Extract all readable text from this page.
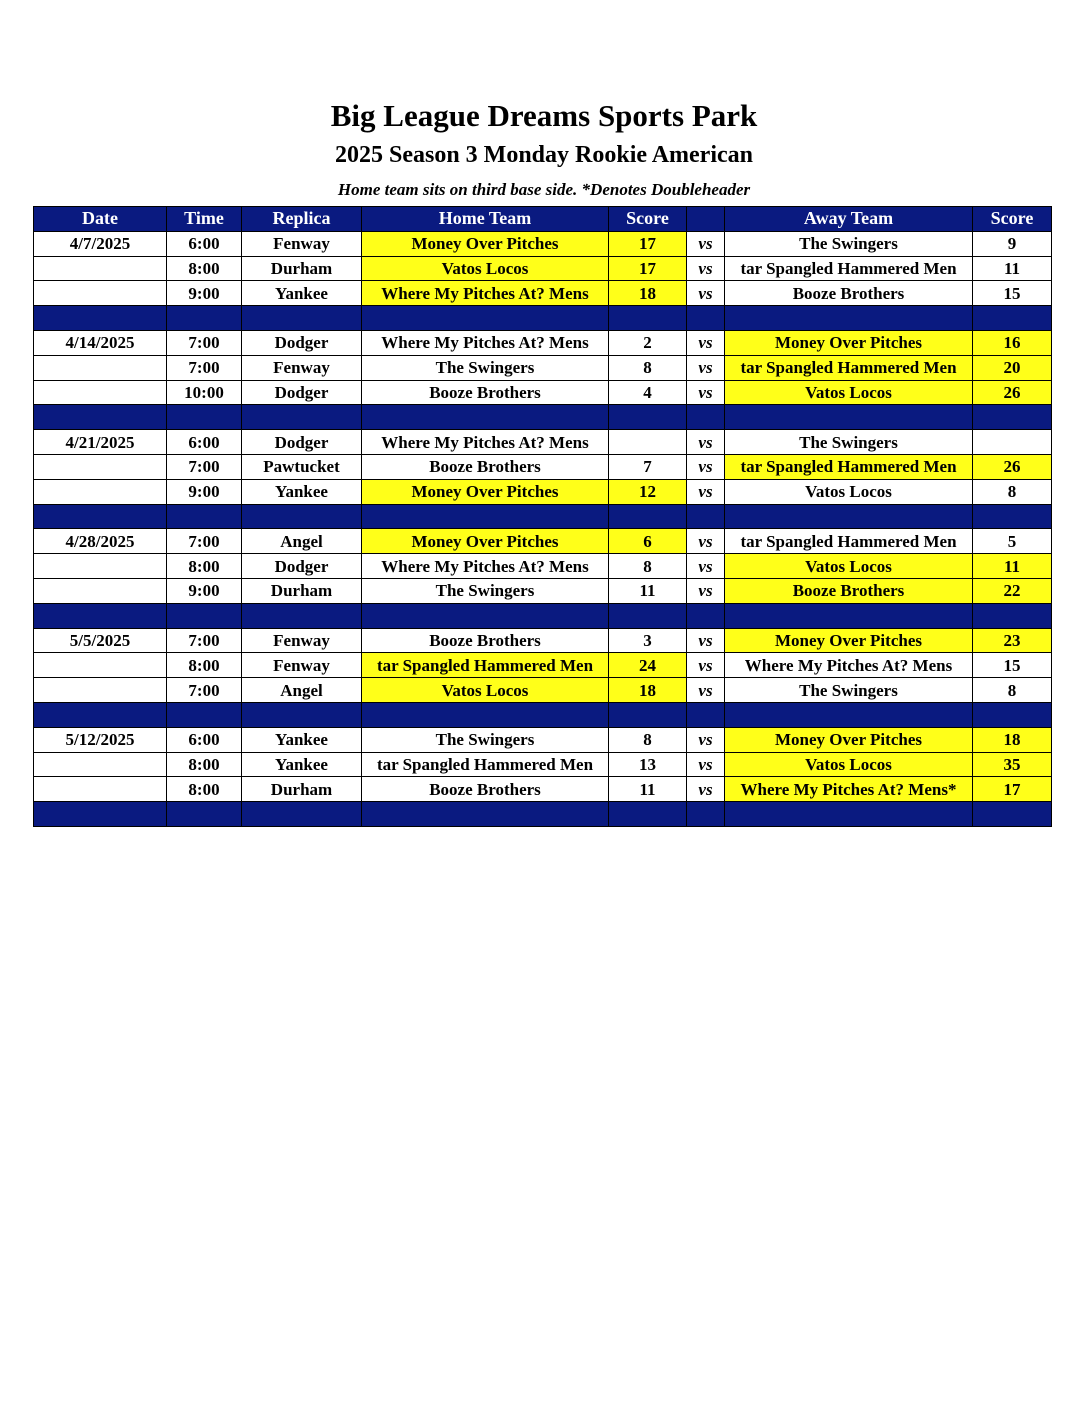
Big League Dreams Sports Park
2025 Season 3 Monday Rookie American
Home team sits on third base side. *Denotes Doubleheader
Date	Time	Replica	Home Team	Score		Away Team	Score
4/7/2025	6:00	Fenway	Money Over Pitches	17	vs	The Swingers	9
	8:00	Durham	Vatos Locos	17	vs	tar Spangled Hammered Men	11
	9:00	Yankee	Where My Pitches At? Mens	18	vs	Booze Brothers	15

4/14/2025	7:00	Dodger	Where My Pitches At? Mens	2	vs	Money Over Pitches	16
	7:00	Fenway	The Swingers	8	vs	tar Spangled Hammered Men	20
	10:00	Dodger	Booze Brothers	4	vs	Vatos Locos	26

4/21/2025	6:00	Dodger	Where My Pitches At? Mens		vs	The Swingers	
	7:00	Pawtucket	Booze Brothers	7	vs	tar Spangled Hammered Men	26
	9:00	Yankee	Money Over Pitches	12	vs	Vatos Locos	8

4/28/2025	7:00	Angel	Money Over Pitches	6	vs	tar Spangled Hammered Men	5
	8:00	Dodger	Where My Pitches At? Mens	8	vs	Vatos Locos	11
	9:00	Durham	The Swingers	11	vs	Booze Brothers	22

5/5/2025	7:00	Fenway	Booze Brothers	3	vs	Money Over Pitches	23
	8:00	Fenway	tar Spangled Hammered Men	24	vs	Where My Pitches At? Mens	15
	7:00	Angel	Vatos Locos	18	vs	The Swingers	8

5/12/2025	6:00	Yankee	The Swingers	8	vs	Money Over Pitches	18
	8:00	Yankee	tar Spangled Hammered Men	13	vs	Vatos Locos	35
	8:00	Durham	Booze Brothers	11	vs	Where My Pitches At? Mens*	17
